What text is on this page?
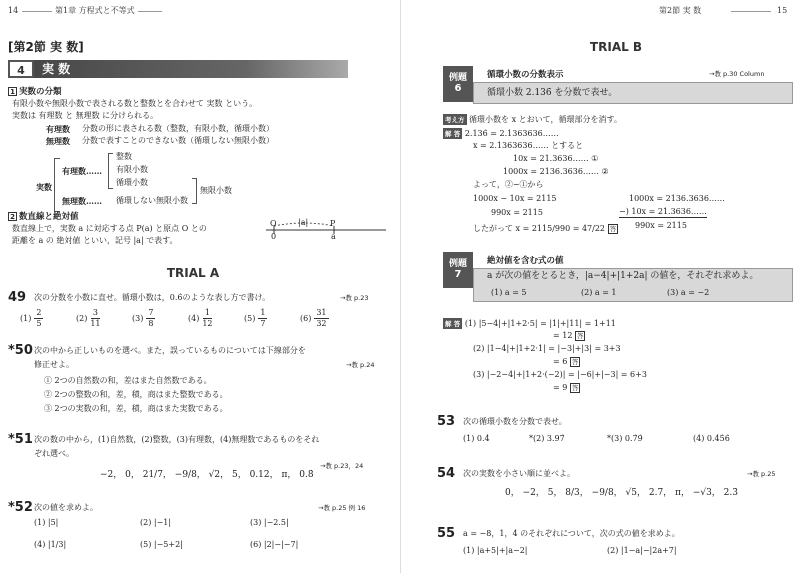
14	第1章 方程式と不等式
[第2節 実 数]
4	実 数
1 実数の分類
有限小数や無限小数で表される数と整数とを合わせて 実数 という。
実数は 有理数 と 無理数 に分けられる。
有理数 分数の形に表される数（整数，有限小数，循環小数）
無理数 分数で表すことのできない数（循環しない無限小数）
実数
有理数……
無理数……
整数
有限小数
循環小数
循環しない無限小数
無限小数
2 数直線と絶対値
数直線上で，実数 a に対応する点 P(a) と原点 O との
距離を a の 絶対値 といい，記号 |a| で表す。
O
0
|a|	P
a
TRIAL A
49 次の分数を小数に直せ。循環小数は，0.6̇のような表し方で書け。	→教 p.23
(1)
2
5
(2)
3
11
(3)
7
8
(4)
1
12
(5)
1
7
(6)
31
32
*50 次の中から正しいものを選べ。また，誤っているものについては下線部分を
修正せよ。	→教 p.24
① 2つの自然数の和，差はまた自然数である。
② 2つの整数の和，差，積，商はまた整数である。
③ 2つの実数の和，差，積，商はまた実数である。
*51 次の数の中から，(1)自然数，(2)整数，(3)有理数，(4)無理数であるものをそれ
ぞれ選べ。
→教 p.23，24
−2， 0， 21/7， −9/8， √2， 5， 0.12， π， 0.8̇
*52 次の値を求めよ。	→教 p.25 例 16
(1) |5|	(2) |−1|	(3) |−2.5|
(4) |1/3|	(5) |−5+2|	(6) |2|−|−7|
第2節 実 数	15
TRIAL B
例題
6
循環小数の分数表示	→教 p.30 Column
循環小数 2.136̇ を分数で表せ。
考え方 循環小数を x とおいて，循環部分を消す。
解 答 2.136̇ = 2.1363636……
x = 2.1363636…… とすると
10x = 21.3636…… ①
1000x = 2136.3636…… ②
よって，②−①から
1000x − 10x = 2115
990x = 2115
したがって x = 2115/990 = 47/22 答
1000x = 2136.3636……
−) 10x = 21.3636……
990x = 2115
例題
7
絶対値を含む式の値
a が次の値をとるとき，|a−4|+|1+2a| の値を，それぞれ求めよ。
(1) a = 5	(2) a = 1	(3) a = −2
解 答 (1) |5−4|+|1+2·5| = |1|+|11| = 1+11
= 12 答
(2) |1−4|+|1+2·1| = |−3|+|3| = 3+3
= 6 答
(3) |−2−4|+|1+2·(−2)| = |−6|+|−3| = 6+3
= 9 答
53 次の循環小数を分数で表せ。
(1) 0.4̇	*(2) 3.97̇	*(3) 0.7̇9̇	(4) 0.45̇6̇
54 次の実数を小さい順に並べよ。	→教 p.25
0， −2， 5， 8/3， −9/8， √5， 2.7， π， −√3， 2.3̇
55 a = −8，1，4 のそれぞれについて，次の式の値を求めよ。
(1) |a+5|+|a−2|	(2) |1−a|−|2a+7|
